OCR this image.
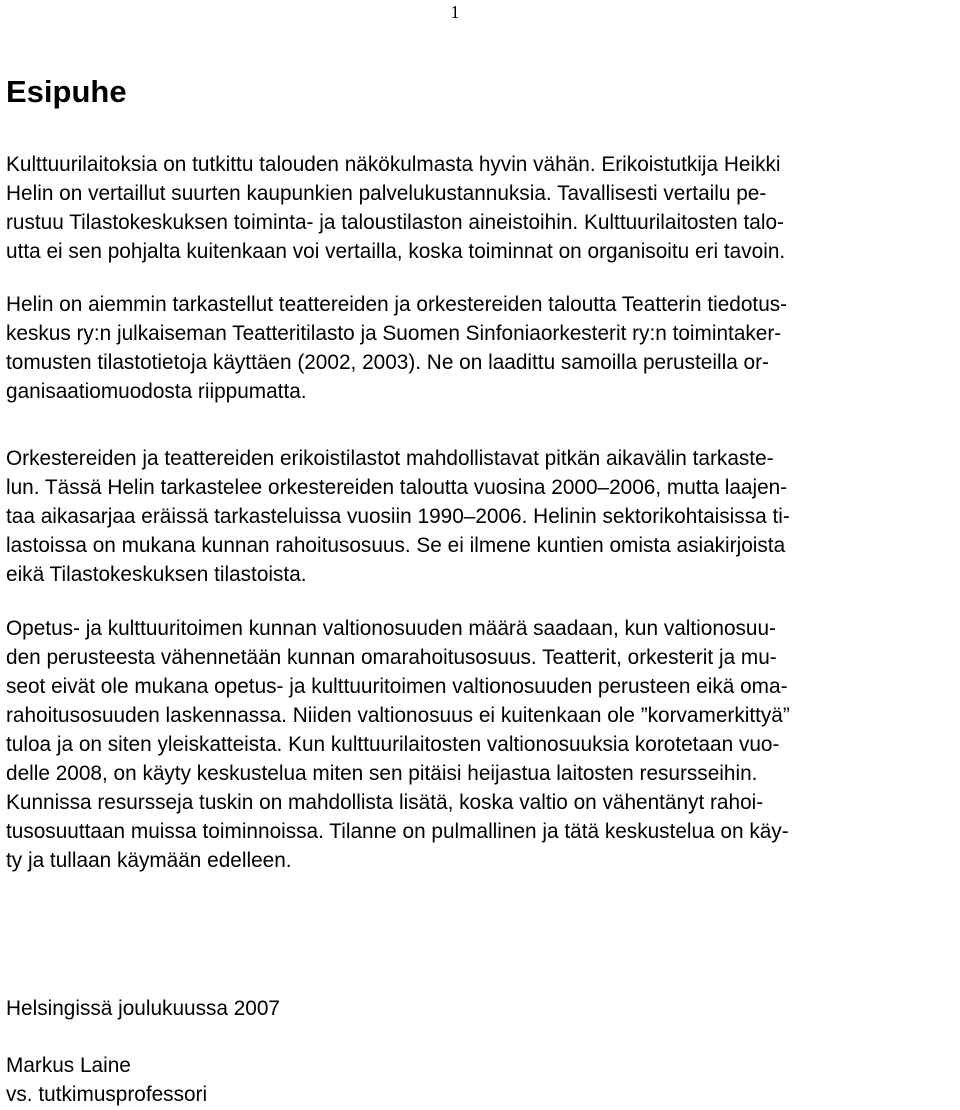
1
Esipuhe

Kulttuurilaitoksia on tutkittu talouden näkökulmasta hyvin vähän. Erikoistutkija Heikki
Helin on vertaillut suurten kaupunkien palvelukustannuksia. Tavallisesti vertailu pe-
rustuu Tilastokeskuksen toiminta- ja taloustilaston aineistoihin. Kulttuurilaitosten talo-
utta ei sen pohjalta kuitenkaan voi vertailla, koska toiminnat on organisoitu eri tavoin.

Helin on aiemmin tarkastellut teattereiden ja orkestereiden taloutta Teatterin tiedotus-
keskus ry:n julkaiseman Teatteritilasto ja Suomen Sinfoniaorkesterit ry:n toimintaker-
tomusten tilastotietoja käyttäen (2002, 2003). Ne on laadittu samoilla perusteilla or-
ganisaatiomuodosta riippumatta.

Orkestereiden ja teattereiden erikoistilastot mahdollistavat pitkän aikavälin tarkaste-
lun. Tässä Helin tarkastelee orkestereiden taloutta vuosina 2000–2006, mutta laajen-
taa aikasarjaa eräissä tarkasteluissa vuosiin 1990–2006. Helinin sektorikohtaisissa ti-
lastoissa on mukana kunnan rahoitusosuus. Se ei ilmene kuntien omista asiakirjoista
eikä Tilastokeskuksen tilastoista.

Opetus- ja kulttuuritoimen kunnan valtionosuuden määrä saadaan, kun valtionosuu-
den perusteesta vähennetään kunnan omarahoitusosuus. Teatterit, orkesterit ja mu-
seot eivät ole mukana opetus- ja kulttuuritoimen valtionosuuden perusteen eikä oma-
rahoitusosuuden laskennassa. Niiden valtionosuus ei kuitenkaan ole ”korvamerkittyä”
tuloa ja on siten yleiskatteista. Kun kulttuurilaitosten valtionosuuksia korotetaan vuo-
delle 2008, on käyty keskustelua miten sen pitäisi heijastua laitosten resursseihin.
Kunnissa resursseja tuskin on mahdollista lisätä, koska valtio on vähentänyt rahoi-
tusosuuttaan muissa toiminnoissa. Tilanne on pulmallinen ja tätä keskustelua on käy-
ty ja tullaan käymään edelleen.

Helsingissä joulukuussa 2007
Markus Laine
vs. tutkimusprofessori
